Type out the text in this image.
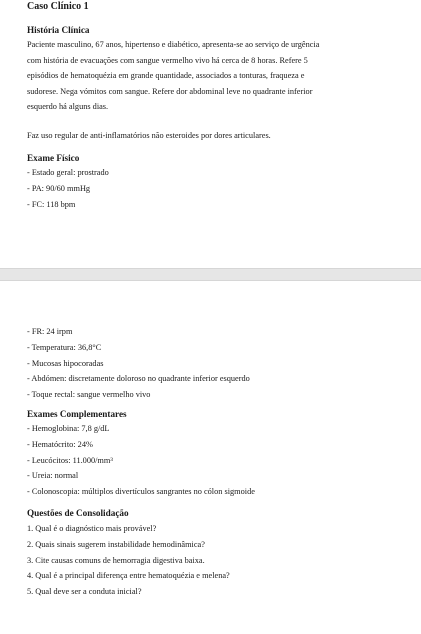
Caso Clínico 1

História Clínica

Paciente masculino, 67 anos, hipertenso e diabético, apresenta-se ao serviço de urgência

com história de evacuações com sangue vermelho vivo há cerca de 8 horas. Refere 5

episódios de hematoquézia em grande quantidade, associados a tonturas, fraqueza e

sudorese. Nega vómitos com sangue. Refere dor abdominal leve no quadrante inferior

esquerdo há alguns dias.

Faz uso regular de anti-inflamatórios não esteroides por dores articulares.

Exame Físico

- Estado geral: prostrado

- PA: 90/60 mmHg

- FC: 118 bpm

- FR: 24 irpm

- Temperatura: 36,8°C

- Mucosas hipocoradas

- Abdómen: discretamente doloroso no quadrante inferior esquerdo

- Toque rectal: sangue vermelho vivo

Exames Complementares

- Hemoglobina: 7,8 g/dL

- Hematócrito: 24%

- Leucócitos: 11.000/mm³

- Ureia: normal

- Colonoscopia: múltiplos divertículos sangrantes no cólon sigmoide

Questões de Consolidação

1. Qual é o diagnóstico mais provável?

2. Quais sinais sugerem instabilidade hemodinâmica?

3. Cite causas comuns de hemorragia digestiva baixa.

4. Qual é a principal diferença entre hematoquézia e melena?

5. Qual deve ser a conduta inicial?
